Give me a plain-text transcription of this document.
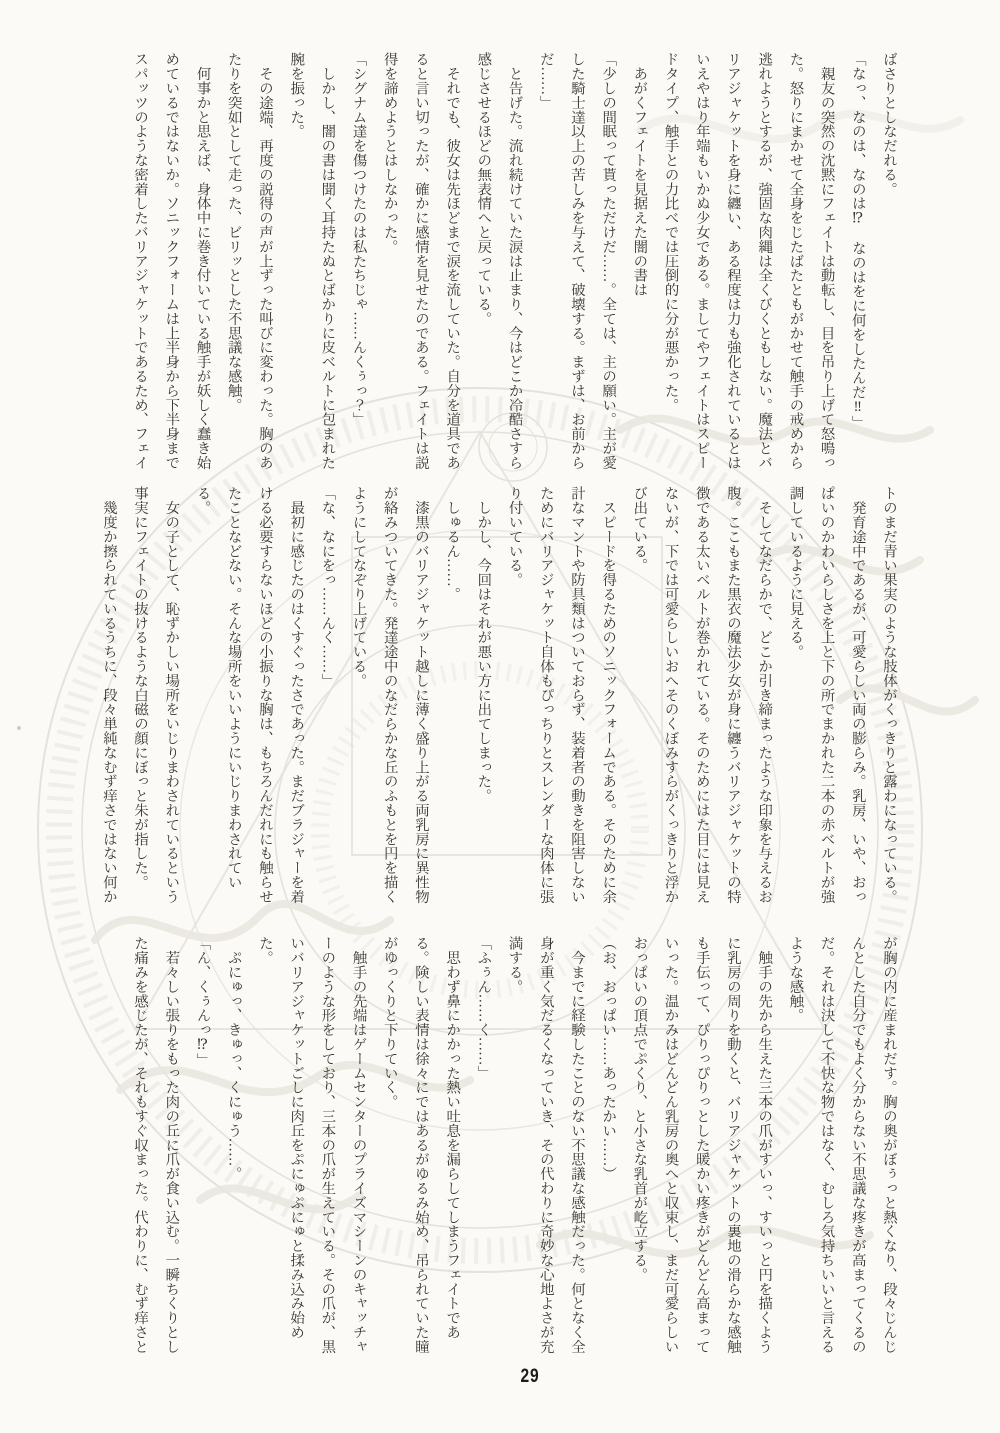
ばさりとしなだれる。

「なっ、なのは、なのは⁉　なのはをに何をしたんだ‼」

　親友の突然の沈黙にフェイトは動転し、目を吊り上げて怒鳴った。怒りにまかせて全身をじたばたともがかせて触手の戒めから逃れようとするが、強固な肉縄は全くびくともしない。魔法とバリアジャケットを身に纏い、ある程度は力も強化されているとはいえやはり年端もいかぬ少女である。ましてやフェイトはスピードタイプ、触手との力比べでは圧倒的に分が悪かった。

　あがくフェイトを見据えた闇の書は

「少しの間眠って貰っただけだ……。全ては、主の願い。主が愛した騎士達以上の苦しみを与えて、破壊する。まずは、お前からだ……」

　と告げた。流れ続けていた涙は止まり、今はどこか冷酷さすら感じさせるほどの無表情へと戻っている。

　それでも、彼女は先ほどまで涙を流していた。自分を道具であると言い切ったが、確かに感情を見せたのである。フェイトは説得を諦めようとはしなかった。

「シグナム達を傷つけたのは私たちじゃ……んくぅっ？」

　しかし、闇の書は聞く耳持たぬとばかりに皮ベルトに包まれた腕を振った。

　その途端、再度の説得の声が上ずった叫びに変わった。胸のあたりを突如として走った、ビリッとした不思議な感触。

　何事かと思えば、身体中に巻き付いている触手が妖しく蠢き始めているではないか。ソニックフォームは上半身から下半身までスパッツのような密着したバリアジャケットであるため、フェイ

トのまだ青い果実のような肢体がくっきりと露わになっている。

　発育途中であるが、可愛らしい両の膨らみ。乳房、いや、おっぱいのかわいらしさを上と下の所でまかれた二本の赤ベルトが強調しているように見える。

　そしてなだらかで、どこか引き締まったような印象を与えるお腹。ここもまた黒衣の魔法少女が身に纏うバリアジャケットの特徴である太いベルトが巻かれている。そのためにはた目には見えないが、下では可愛らしいおへそのくぼみすらがくっきりと浮かび出ている。

　スピードを得るためのソニックフォームである。そのために余計なマントや防具類はついておらず、装着者の動きを阻害しないためにバリアジャケット自体もぴっちりとスレンダーな肉体に張り付いている。

　しかし、今回はそれが悪い方に出てしまった。

　しゅるん……。

　漆黒のバリアジャケット越しに薄く盛り上がる両乳房に異性物が絡みついてきた。発達途中のなだらかな丘のふもとを円を描くようにしてなぞり上げている。

「な、なにをっ……んく……」

　最初に感じたのはくすぐったさであった。まだブラジャーを着ける必要すらないほどの小振りな胸は、もちろんだれにも触らせたことなどない。そんな場所をいいようにいじりまわされている。

　女の子として、恥ずかしい場所をいじりまわされているという事実にフェイトの抜けるような白磁の顔にぼっと朱が指した。

　幾度か擦られているうちに、段々単純なむず痒さではない何か

が胸の内に産まれだす。胸の奥がぼぅっと熱くなり、段々じんじんとした自分でもよく分からない不思議な疼きが高まってくるのだ。それは決して不快な物ではなく、むしろ気持ちいいと言えるような感触。

　触手の先から生えた三本の爪がすいっ、すいっと円を描くように乳房の周りを動くと、バリアジャケットの裏地の滑らかな感触も手伝って、ぴりっぴりっとした暖かい疼きがどんどん高まっていった。温かみはどんどん乳房の奥へと収束し、まだ可愛らしいおっぱいの頂点でぷくり、と小さな乳首が屹立する。

（お、おっぱい……あったかい……）

　今までに経験したことのない不思議な感触だった。何となく全身が重く気だるくなっていき、その代わりに奇妙な心地よさが充満する。

「ふぅん……く……」

　思わず鼻にかかった熱い吐息を漏らしてしまうフェイトである。険しい表情は徐々にではあるがゆるみ始め、吊られていた瞳がゆっくりと下りていく。

　触手の先端はゲームセンターのプライズマシーンのキャッチャーのような形をしており、三本の爪が生えている。その爪が、黒いバリアジャケットごしに肉丘をぷにゅぷにゅと揉み込み始めた。

　ぷにゅっ、きゅっ、くにゅう……。

「ん、くぅんっ⁉」

　若々しい張りをもった肉の丘に爪が食い込む。一瞬ちくりとした痛みを感じたが、それもすぐ収まった。代わりに、むず痒さと

29
